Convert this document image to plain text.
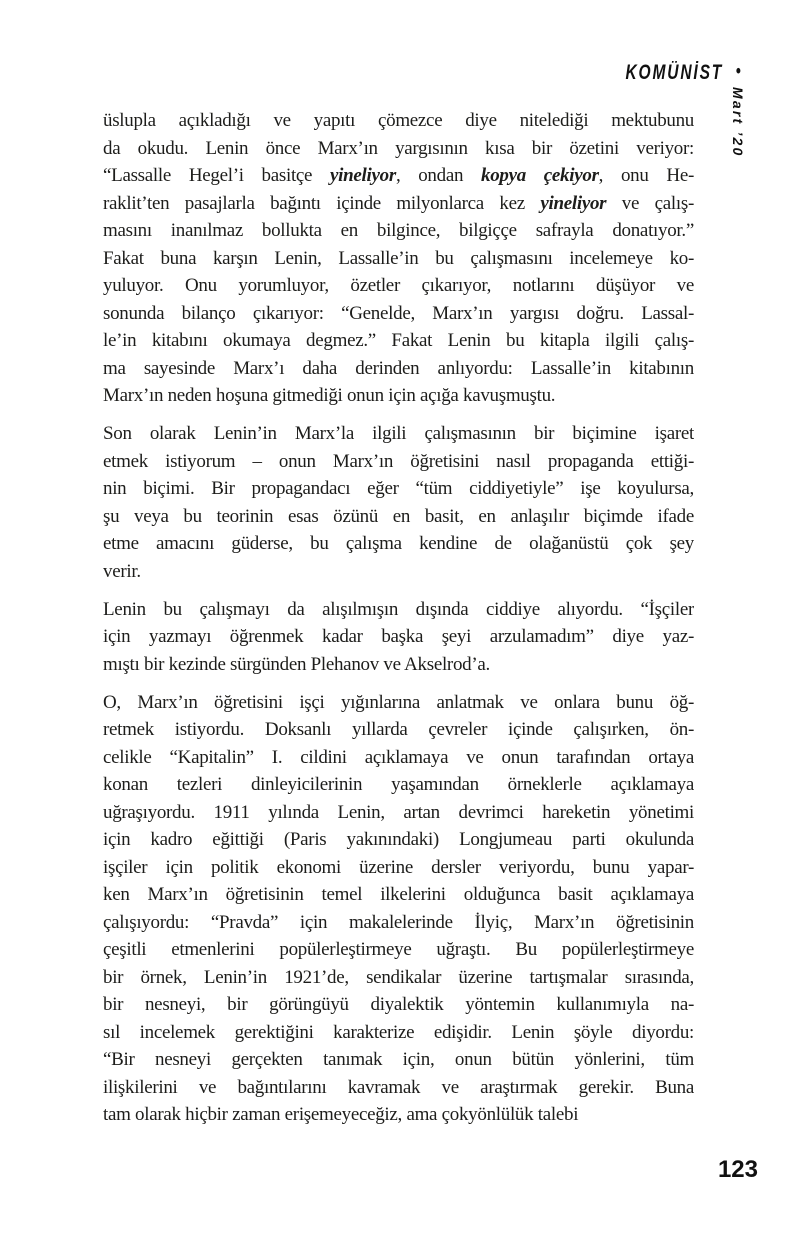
KOMÜNİST •
Mart ’20

üslupla açıkladığı ve yapıtı çömezce diye nitelediği mektubunu
da okudu. Lenin önce Marx’ın yargısının kısa bir özetini veriyor:
“Lassalle Hegel’i basitçe yineliyor, ondan kopya çekiyor, onu He-
raklit’ten pasajlarla bağıntı içinde milyonlarca kez yineliyor ve çalış-
masını inanılmaz bollukta en bilgince, bilgiççe safrayla donatıyor.”
Fakat buna karşın Lenin, Lassalle’in bu çalışmasını incelemeye ko-
yuluyor. Onu yorumluyor, özetler çıkarıyor, notlarını düşüyor ve
sonunda bilanço çıkarıyor: “Genelde, Marx’ın yargısı doğru. Lassal-
le’in kitabını okumaya degmez.” Fakat Lenin bu kitapla ilgili çalış-
ma sayesinde Marx’ı daha derinden anlıyordu: Lassalle’in kitabının
Marx’ın neden hoşuna gitmediği onun için açığa kavuşmuştu.

Son olarak Lenin’in Marx’la ilgili çalışmasının bir biçimine işaret
etmek istiyorum – onun Marx’ın öğretisini nasıl propaganda ettiği-
nin biçimi. Bir propagandacı eğer “tüm ciddiyetiyle” işe koyulursa,
şu veya bu teorinin esas özünü en basit, en anlaşılır biçimde ifade
etme amacını güderse, bu çalışma kendine de olağanüstü çok şey
verir.

Lenin bu çalışmayı da alışılmışın dışında ciddiye alıyordu. “İşçiler
için yazmayı öğrenmek kadar başka şeyi arzulamadım” diye yaz-
mıştı bir kezinde sürgünden Plehanov ve Akselrod’a.

O, Marx’ın öğretisini işçi yığınlarına anlatmak ve onlara bunu öğ-
retmek istiyordu. Doksanlı yıllarda çevreler içinde çalışırken, ön-
celikle “Kapitalin” I. cildini açıklamaya ve onun tarafından ortaya
konan tezleri dinleyicilerinin yaşamından örneklerle açıklamaya
uğraşıyordu. 1911 yılında Lenin, artan devrimci hareketin yönetimi
için kadro eğittiği (Paris yakınındaki) Longjumeau parti okulunda
işçiler için politik ekonomi üzerine dersler veriyordu, bunu yapar-
ken Marx’ın öğretisinin temel ilkelerini olduğunca basit açıklamaya
çalışıyordu: “Pravda” için makalelerinde İlyiç, Marx’ın öğretisinin
çeşitli etmenlerini popülerleştirmeye uğraştı. Bu popülerleştirmeye
bir örnek, Lenin’in 1921’de, sendikalar üzerine tartışmalar sırasında,
bir nesneyi, bir görüngüyü diyalektik yöntemin kullanımıyla na-
sıl incelemek gerektiğini karakterize edişidir. Lenin şöyle diyordu:
“Bir nesneyi gerçekten tanımak için, onun bütün yönlerini, tüm
ilişkilerini ve bağıntılarını kavramak ve araştırmak gerekir. Buna
tam olarak hiçbir zaman erişemeyeceğiz, ama çokyönlülük talebi

123
